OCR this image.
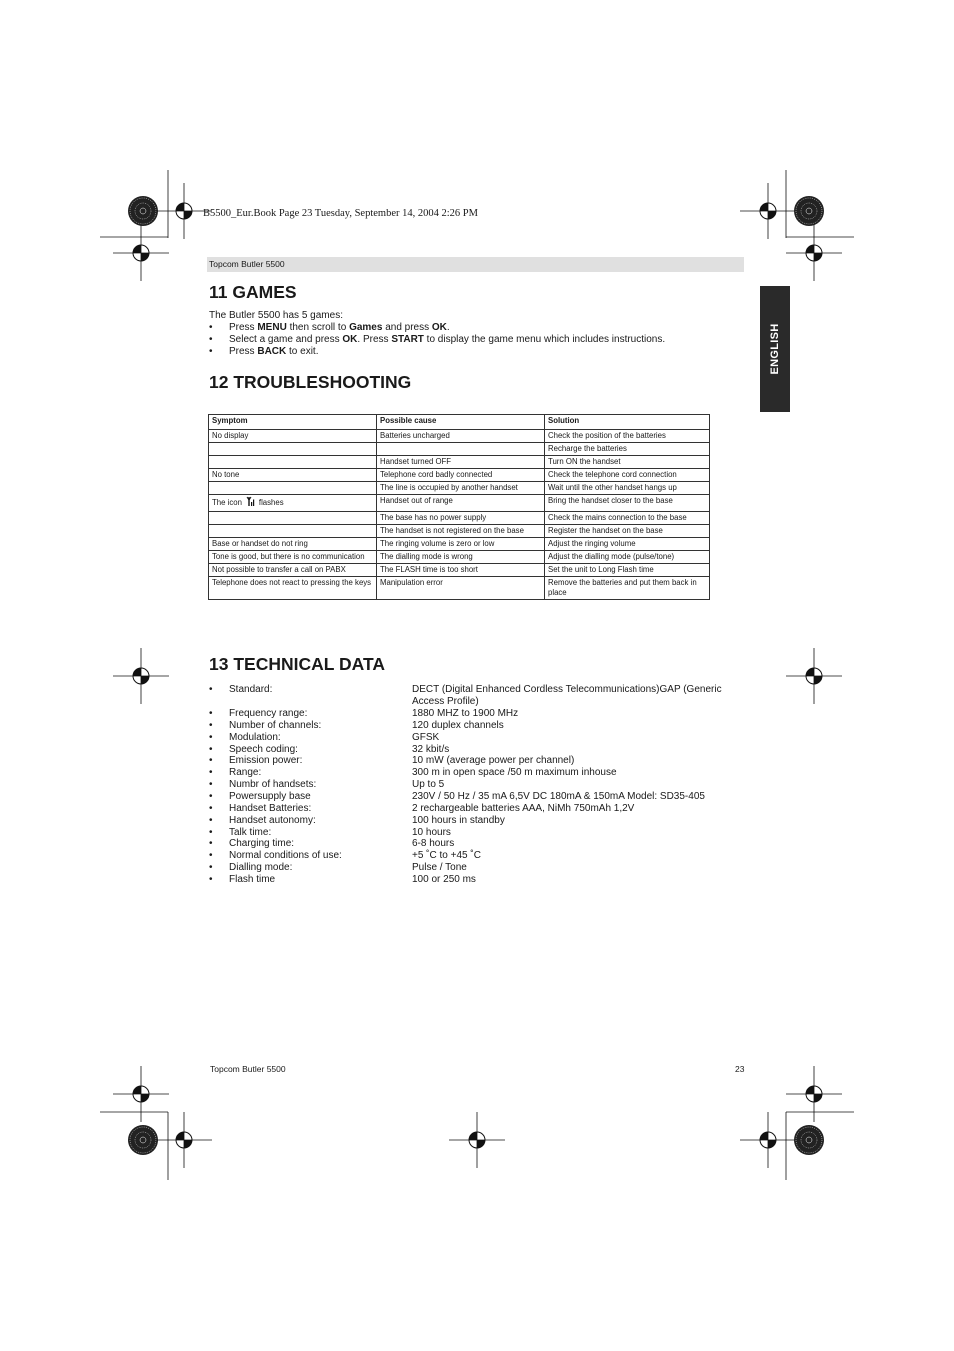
B5500_Eur.Book Page 23 Tuesday, September 14, 2004 2:26 PM
Topcom Butler 5500
ENGLISH
11 GAMES
The Butler 5500 has 5 games:
• Press MENU then scroll to Games and press OK.
• Select a game and press OK. Press START to display the game menu which includes instructions.
• Press BACK to exit.
12 TROUBLESHOOTING
Symptom	Possible cause	Solution
No display	Batteries uncharged	Check the position of the batteries
		Recharge the batteries
	Handset turned OFF	Turn ON the handset
No tone	Telephone cord badly connected	Check the telephone cord connection
	The line is occupied by another handset	Wait until the other handset hangs up
The icon flashes	Handset out of range	Bring the handset closer to the base
	The base has no power supply	Check the mains connection to the base
	The handset is not registered on the base	Register the handset on the base
Base or handset do not ring	The ringing volume is zero or low	Adjust the ringing volume
Tone is good, but there is no communication	The dialling mode is wrong	Adjust the dialling mode (pulse/tone)
Not possible to transfer a call on PABX	The FLASH time is too short	Set the unit to Long Flash time
Telephone does not react to pressing the keys	Manipulation error	Remove the batteries and put them back in place
13 TECHNICAL DATA
• Standard:	DECT (Digital Enhanced Cordless Telecommunications)GAP (Generic Access Profile)
• Frequency range:	1880 MHZ to 1900 MHz
• Number of channels:	120 duplex channels
• Modulation:	GFSK
• Speech coding:	32 kbit/s
• Emission power:	10 mW (average power per channel)
• Range:	300 m in open space /50 m maximum inhouse
• Numbr of handsets:	Up to 5
• Powersupply base	230V / 50 Hz / 35 mA 6,5V DC 180mA & 150mA Model: SD35-405
• Handset Batteries:	2 rechargeable batteries AAA, NiMh 750mAh 1,2V
• Handset autonomy:	100 hours in standby
• Talk time:	10 hours
• Charging time:	6-8 hours
• Normal conditions of use:	+5 ˚C to +45 ˚C
• Dialling mode:	Pulse / Tone
• Flash time	100 or 250 ms
Topcom Butler 5500	23
